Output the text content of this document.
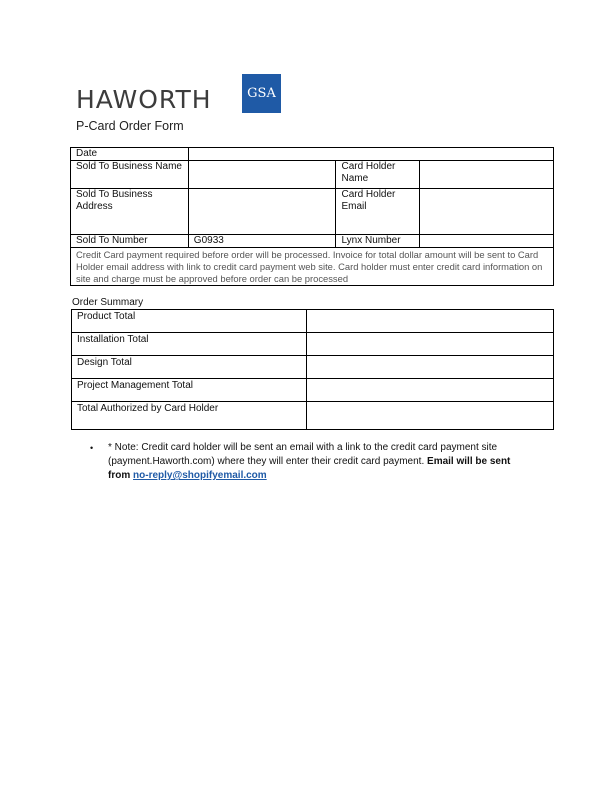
HAWORTH	GSA
P-Card Order Form
Date			
Sold To Business Name		Card Holder Name	
Sold To Business Address		Card Holder Email	
Sold To Number	G0933	Lynx Number	
Credit Card payment required before order will be processed. Invoice for total dollar amount will be sent to Card Holder email address with link to credit card payment web site. Card holder must enter credit card information on site and charge must be approved before order can be processed			
Order Summary
Product Total	
Installation Total	
Design Total	
Project Management Total	
Total Authorized by Card Holder	
•	* Note: Credit card holder will be sent an email with a link to the credit card payment site (payment.Haworth.com) where they will enter their credit card payment. Email will be sent from no-reply@shopifyemail.com
